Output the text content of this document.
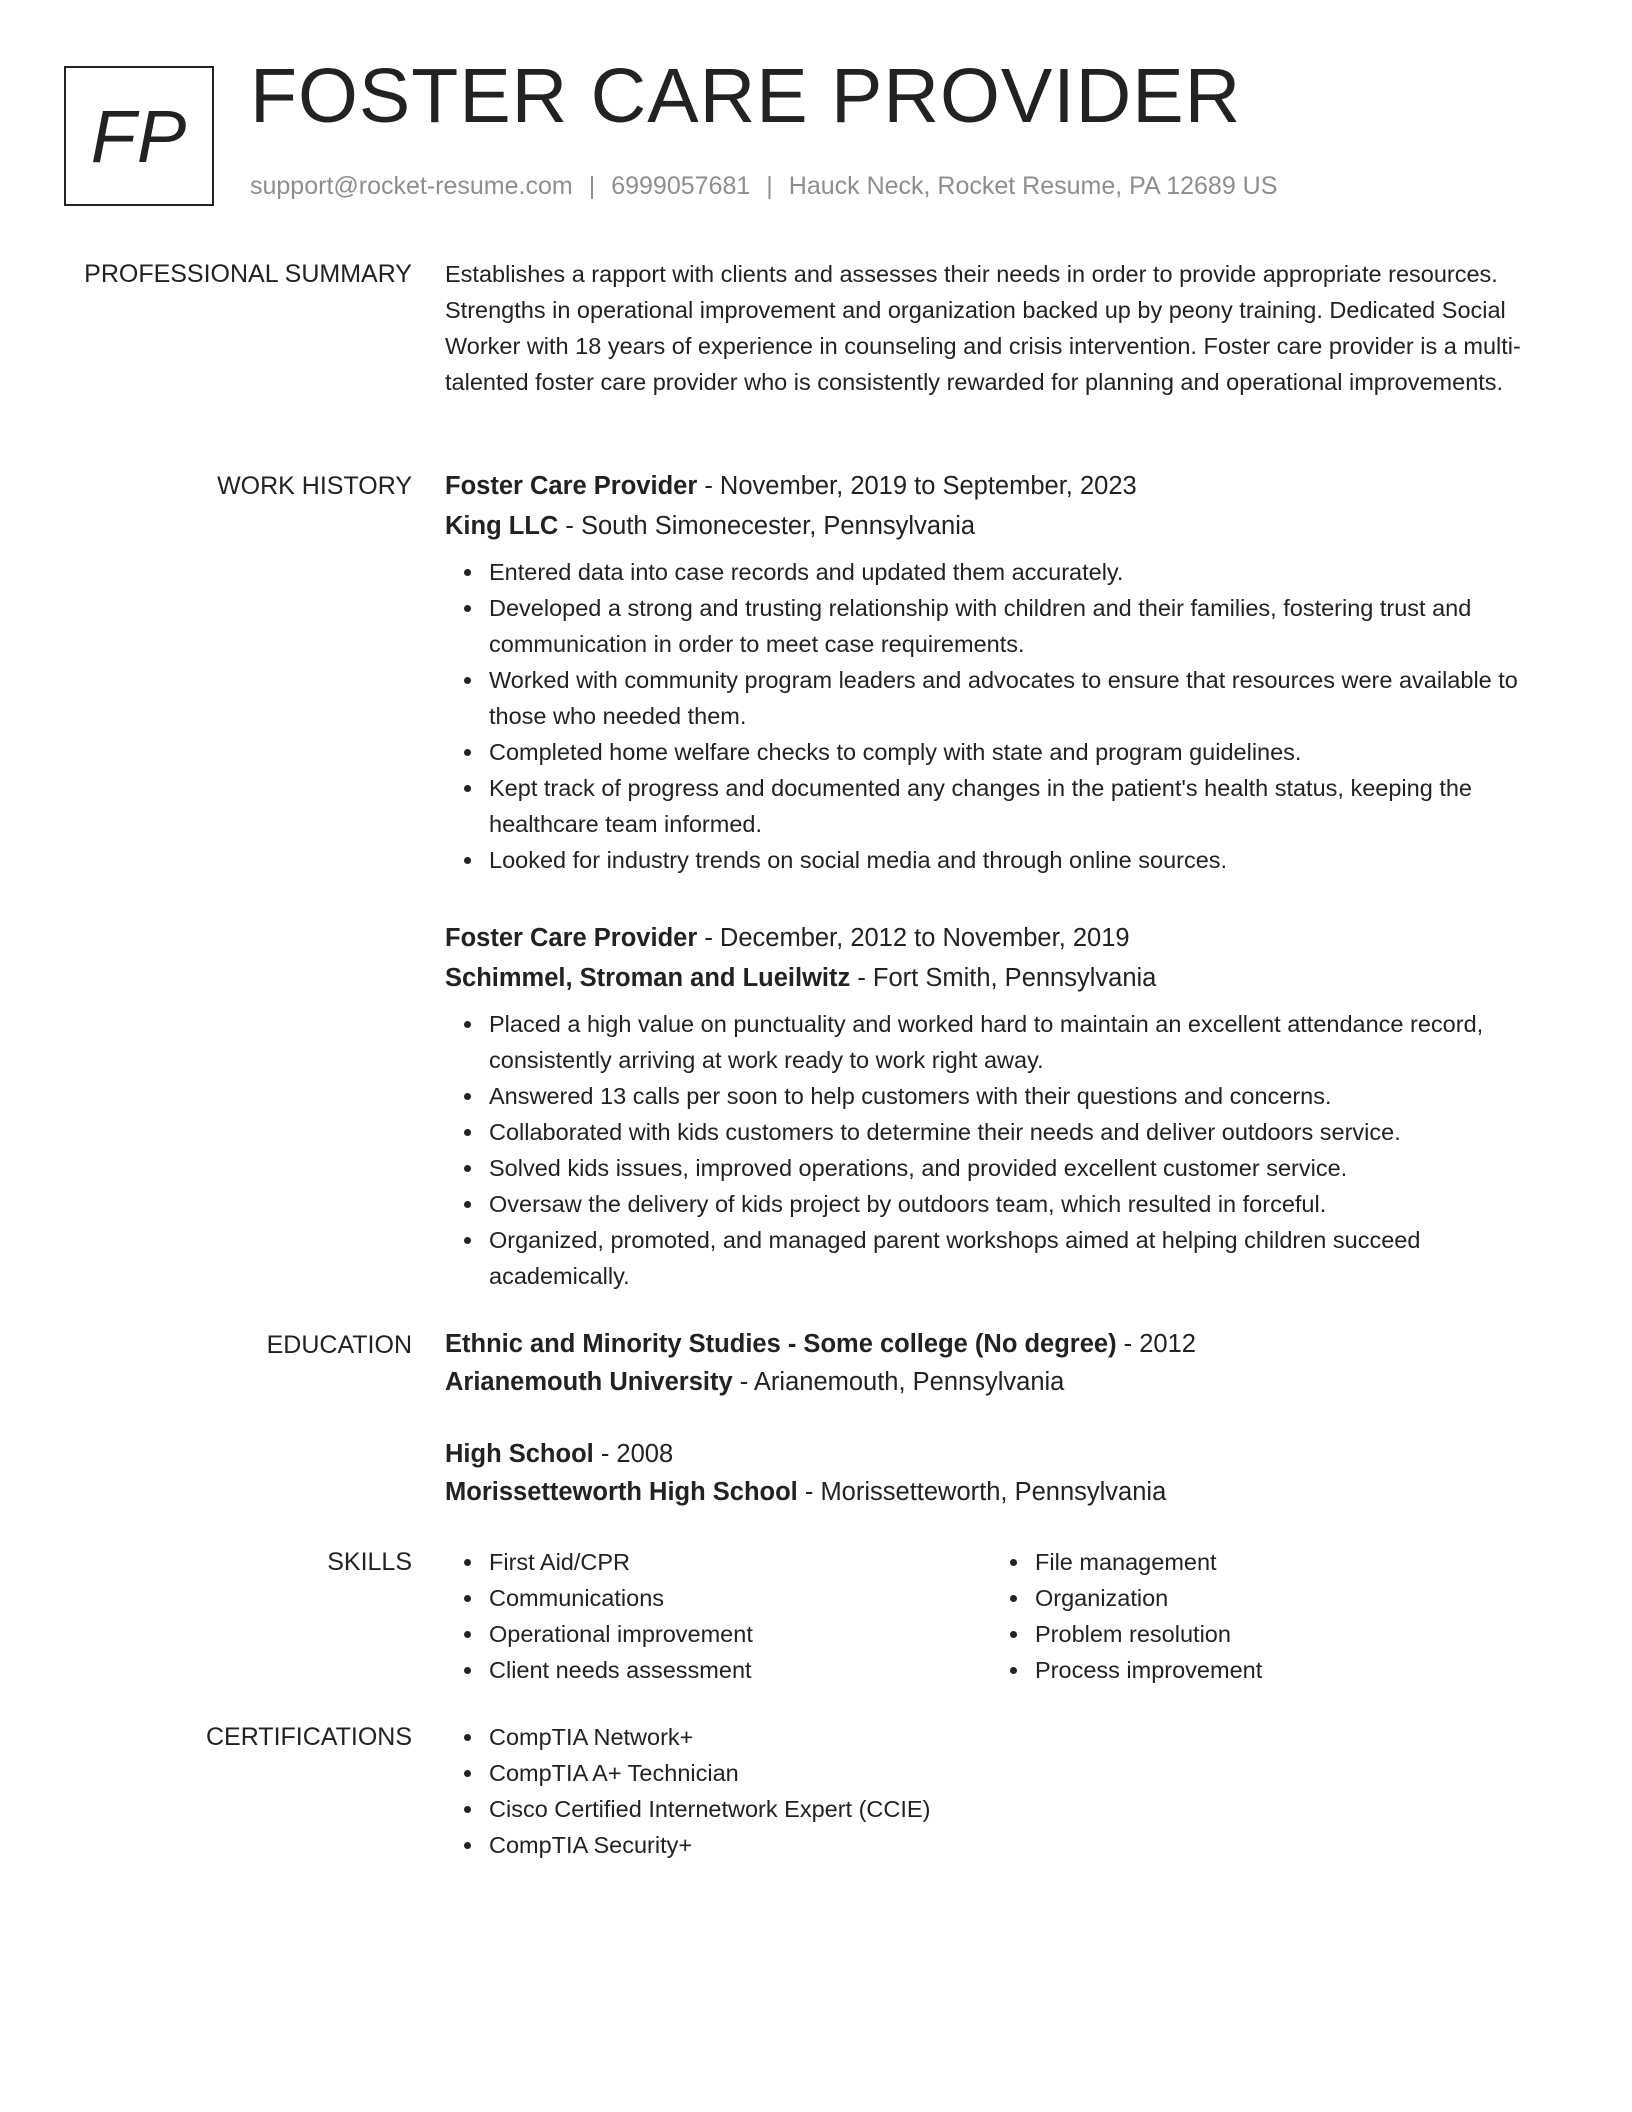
FP FOSTER CARE PROVIDER
support@rocket-resume.com | 6999057681 | Hauck Neck, Rocket Resume, PA 12689 US
PROFESSIONAL SUMMARY Establishes a rapport with clients and assesses their needs in order to provide appropriate resources. Strengths in operational improvement and organization backed up by peony training. Dedicated Social Worker with 18 years of experience in counseling and crisis intervention. Foster care provider is a multi-talented foster care provider who is consistently rewarded for planning and operational improvements.

WORK HISTORY Foster Care Provider - November, 2019 to September, 2023
King LLC - South Simonecester, Pennsylvania
Entered data into case records and updated them accurately.
Developed a strong and trusting relationship with children and their families, fostering trust and communication in order to meet case requirements.
Worked with community program leaders and advocates to ensure that resources were available to those who needed them.
Completed home welfare checks to comply with state and program guidelines.
Kept track of progress and documented any changes in the patient's health status, keeping the healthcare team informed.
Looked for industry trends on social media and through online sources.
Foster Care Provider - December, 2012 to November, 2019
Schimmel, Stroman and Lueilwitz - Fort Smith, Pennsylvania
Placed a high value on punctuality and worked hard to maintain an excellent attendance record, consistently arriving at work ready to work right away.
Answered 13 calls per soon to help customers with their questions and concerns.
Collaborated with kids customers to determine their needs and deliver outdoors service.
Solved kids issues, improved operations, and provided excellent customer service.
Oversaw the delivery of kids project by outdoors team, which resulted in forceful.
Organized, promoted, and managed parent workshops aimed at helping children succeed academically.
EDUCATION Ethnic and Minority Studies - Some college (No degree) - 2012
Arianemouth University - Arianemouth, Pennsylvania
High School - 2008
Morissetteworth High School - Morissetteworth, Pennsylvania
SKILLS	First Aid/CPR
Communications
Operational improvement
Client needs assessment
File management
Organization
Problem resolution
Process improvement
CERTIFICATIONS	CompTIA Network+
CompTIA A+ Technician
Cisco Certified Internetwork Expert (CCIE)
CompTIA Security+
